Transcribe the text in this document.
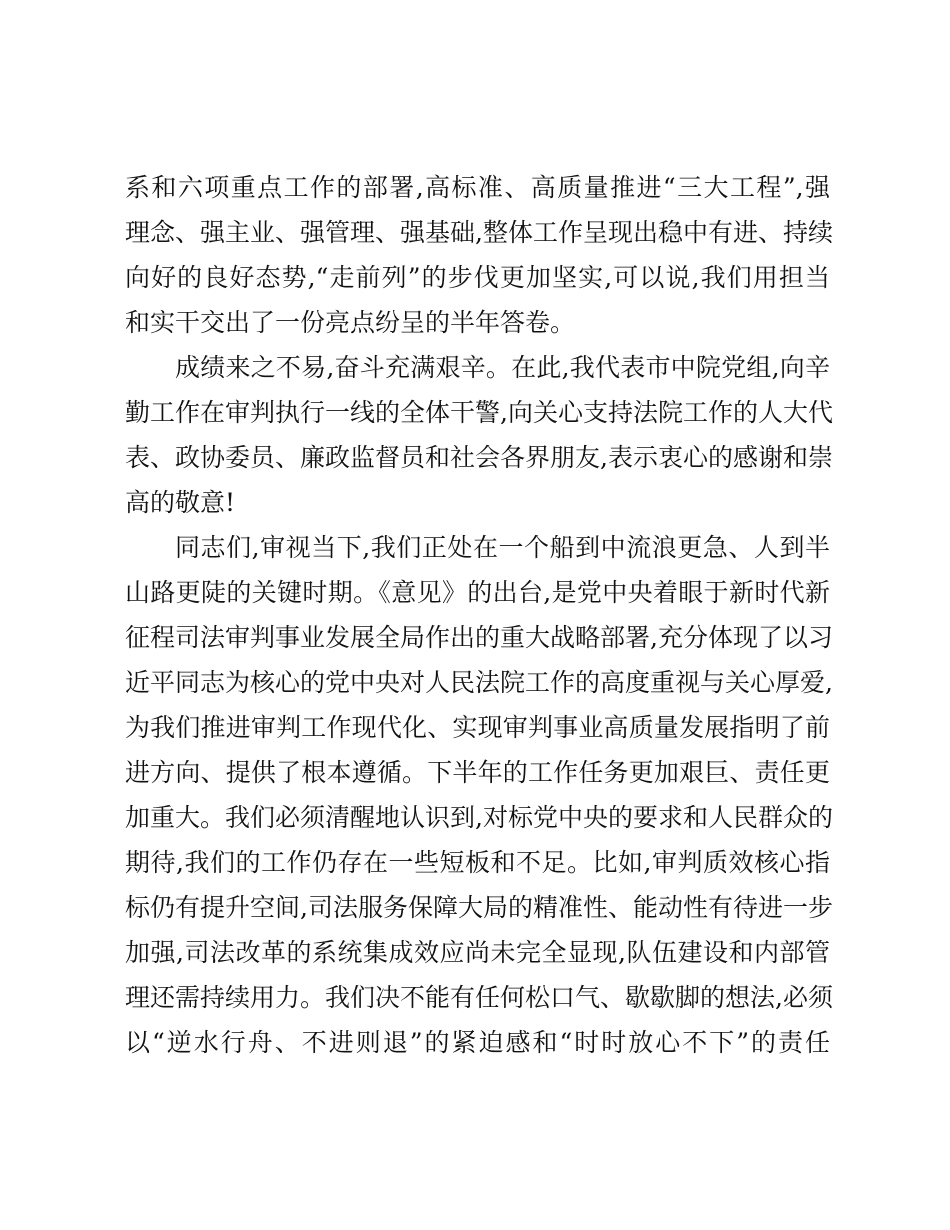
系和六项重点工作的部署,高标准、高质量推进“三大工程”,强
理念、强主业、强管理、强基础,整体工作呈现出稳中有进、持续
向好的良好态势,“走前列”的步伐更加坚实,可以说,我们用担当
和实干交出了一份亮点纷呈的半年答卷。
成绩来之不易,奋斗充满艰辛。在此,我代表市中院党组,向辛
勤工作在审判执行一线的全体干警,向关心支持法院工作的人大代
表、政协委员、廉政监督员和社会各界朋友,表示衷心的感谢和崇
高的敬意!
同志们,审视当下,我们正处在一个船到中流浪更急、人到半
山路更陡的关键时期。《意见》的出台,是党中央着眼于新时代新
征程司法审判事业发展全局作出的重大战略部署,充分体现了以习
近平同志为核心的党中央对人民法院工作的高度重视与关心厚爱,
为我们推进审判工作现代化、实现审判事业高质量发展指明了前
进方向、提供了根本遵循。下半年的工作任务更加艰巨、责任更
加重大。我们必须清醒地认识到,对标党中央的要求和人民群众的
期待,我们的工作仍存在一些短板和不足。比如,审判质效核心指
标仍有提升空间,司法服务保障大局的精准性、能动性有待进一步
加强,司法改革的系统集成效应尚未完全显现,队伍建设和内部管
理还需持续用力。我们决不能有任何松口气、歇歇脚的想法,必须
以“逆水行舟、不进则退”的紧迫感和“时时放心不下”的责任
